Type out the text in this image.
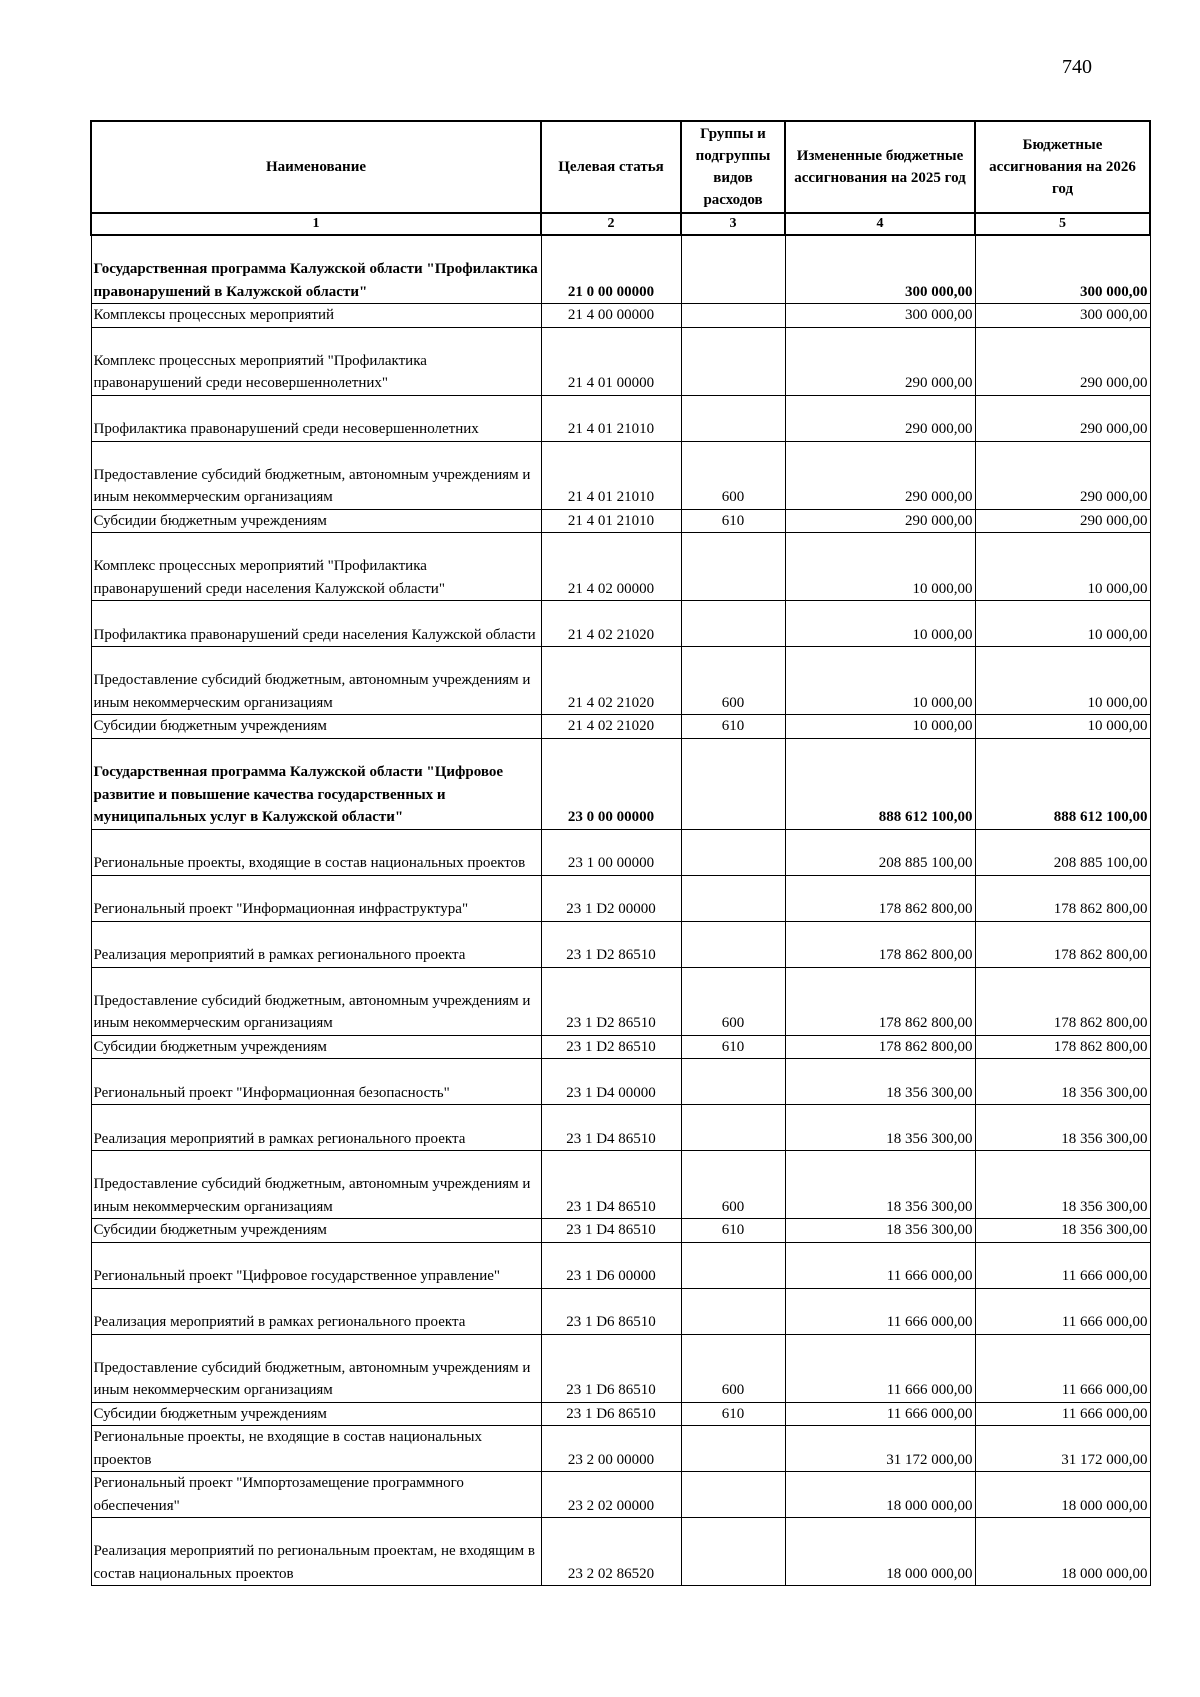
740
Наименование	Целевая статья	Группы и подгруппы видов расходов	Измененные бюджетные ассигнования на 2025 год	Бюджетные ассигнования на 2026 год
1	2	3	4	5
Государственная программа Калужской области "Профилактика правонарушений в Калужской области"	21 0 00 00000		300 000,00	300 000,00
Комплексы процессных мероприятий	21 4 00 00000		300 000,00	300 000,00
Комплекс процессных мероприятий "Профилактика правонарушений среди несовершеннолетних"	21 4 01 00000		290 000,00	290 000,00
Профилактика правонарушений среди несовершеннолетних	21 4 01 21010		290 000,00	290 000,00
Предоставление субсидий бюджетным, автономным учреждениям и иным некоммерческим организациям	21 4 01 21010	600	290 000,00	290 000,00
Субсидии бюджетным учреждениям	21 4 01 21010	610	290 000,00	290 000,00
Комплекс процессных мероприятий "Профилактика правонарушений среди населения Калужской области"	21 4 02 00000		10 000,00	10 000,00
Профилактика правонарушений среди населения Калужской области	21 4 02 21020		10 000,00	10 000,00
Предоставление субсидий бюджетным, автономным учреждениям и иным некоммерческим организациям	21 4 02 21020	600	10 000,00	10 000,00
Субсидии бюджетным учреждениям	21 4 02 21020	610	10 000,00	10 000,00
Государственная программа Калужской области "Цифровое развитие и повышение качества государственных и муниципальных услуг в Калужской области"	23 0 00 00000		888 612 100,00	888 612 100,00
Региональные проекты, входящие в состав национальных проектов	23 1 00 00000		208 885 100,00	208 885 100,00
Региональный проект "Информационная инфраструктура"	23 1 D2 00000		178 862 800,00	178 862 800,00
Реализация мероприятий в рамках регионального проекта	23 1 D2 86510		178 862 800,00	178 862 800,00
Предоставление субсидий бюджетным, автономным учреждениям и иным некоммерческим организациям	23 1 D2 86510	600	178 862 800,00	178 862 800,00
Субсидии бюджетным учреждениям	23 1 D2 86510	610	178 862 800,00	178 862 800,00
Региональный проект "Информационная безопасность"	23 1 D4 00000		18 356 300,00	18 356 300,00
Реализация мероприятий в рамках регионального проекта	23 1 D4 86510		18 356 300,00	18 356 300,00
Предоставление субсидий бюджетным, автономным учреждениям и иным некоммерческим организациям	23 1 D4 86510	600	18 356 300,00	18 356 300,00
Субсидии бюджетным учреждениям	23 1 D4 86510	610	18 356 300,00	18 356 300,00
Региональный проект "Цифровое государственное управление"	23 1 D6 00000		11 666 000,00	11 666 000,00
Реализация мероприятий в рамках регионального проекта	23 1 D6 86510		11 666 000,00	11 666 000,00
Предоставление субсидий бюджетным, автономным учреждениям и иным некоммерческим организациям	23 1 D6 86510	600	11 666 000,00	11 666 000,00
Субсидии бюджетным учреждениям	23 1 D6 86510	610	11 666 000,00	11 666 000,00
Региональные проекты, не входящие в состав национальных проектов	23 2 00 00000		31 172 000,00	31 172 000,00
Региональный проект "Импортозамещение программного обеспечения"	23 2 02 00000		18 000 000,00	18 000 000,00
Реализация мероприятий по региональным проектам, не входящим в состав национальных проектов	23 2 02 86520		18 000 000,00	18 000 000,00
